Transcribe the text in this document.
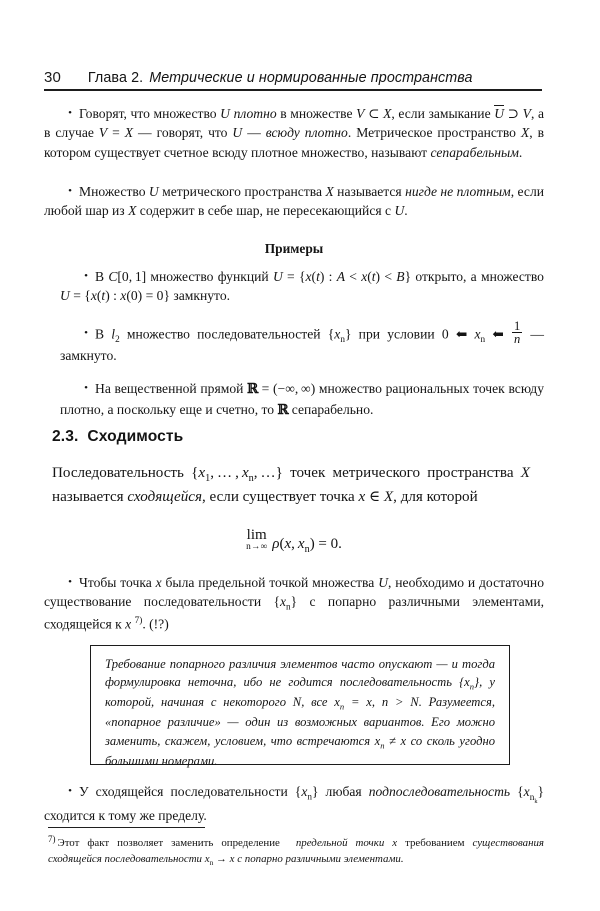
30 Глава 2. Метрические и нормированные пространства

•Говорят, что множество U плотно в множестве V ⊂ X, если замыкание U ⊃ V, а в случае V = X — говорят, что U — всюду плотно. Метрическое пространство X, в котором существует счетное всюду плотное множество, называют сепарабельным.

•Множество U метрического пространства X называется нигде не плотным, если любой шар из X содержит в себе шар, не пересекающийся с U.

Примеры

•В C[0, 1] множество функций U = {x(t) : A < x(t) < B} открыто, а множество U = {x(t) : x(0) = 0} замкнуто.

•В $l_2$ множество последовательностей $\{x_n\}$ при условии 0 ⬅​ $x_n$ ⬅​ $\frac{1}{n}$ — замкнуто.

•На вещественной прямой ℝ = (−∞, ∞) множество рациональных точек всюду плотно, а поскольку еще и счетно, то ℝ сепарабельно.

2.3. Сходимость

Последовательность {$x_1$, … , $x_n$, …} точек метрического пространства X называется сходящейся, если существует точка x ∈ X, для которой

lim
n→∞ ρ(x, $x_n) = 0$.

•Чтобы точка x была предельной точкой множества U, необходимо и достаточно существование последовательности $\{x_n\}$ с попарно различными элементами, сходящейся к x $^{7)}$. (!?)

Требование попарного различия элементов часто опускают — и тогда формулировка неточна, ибо не годится последовательность $\{x_n\}$, у которой, начиная с некоторого N, все $x_n = x$, n > N. Разумеется, «попарное различие» — один из возможных вариантов. Его можно заменить, скажем, условием, что встречаются $x_n \ne x$ со сколь угодно большими номерами.

•У сходящейся последовательности $\{x_n\}$ любая подпоследовательность $\{x_{n_k}\}$ сходится к тому же пределу.

$^{7)}$ Этот факт позволяет заменить определение  предельной точки x требованием существования сходящейся последовательности $x_n \to x$ с попарно различными элементами.
